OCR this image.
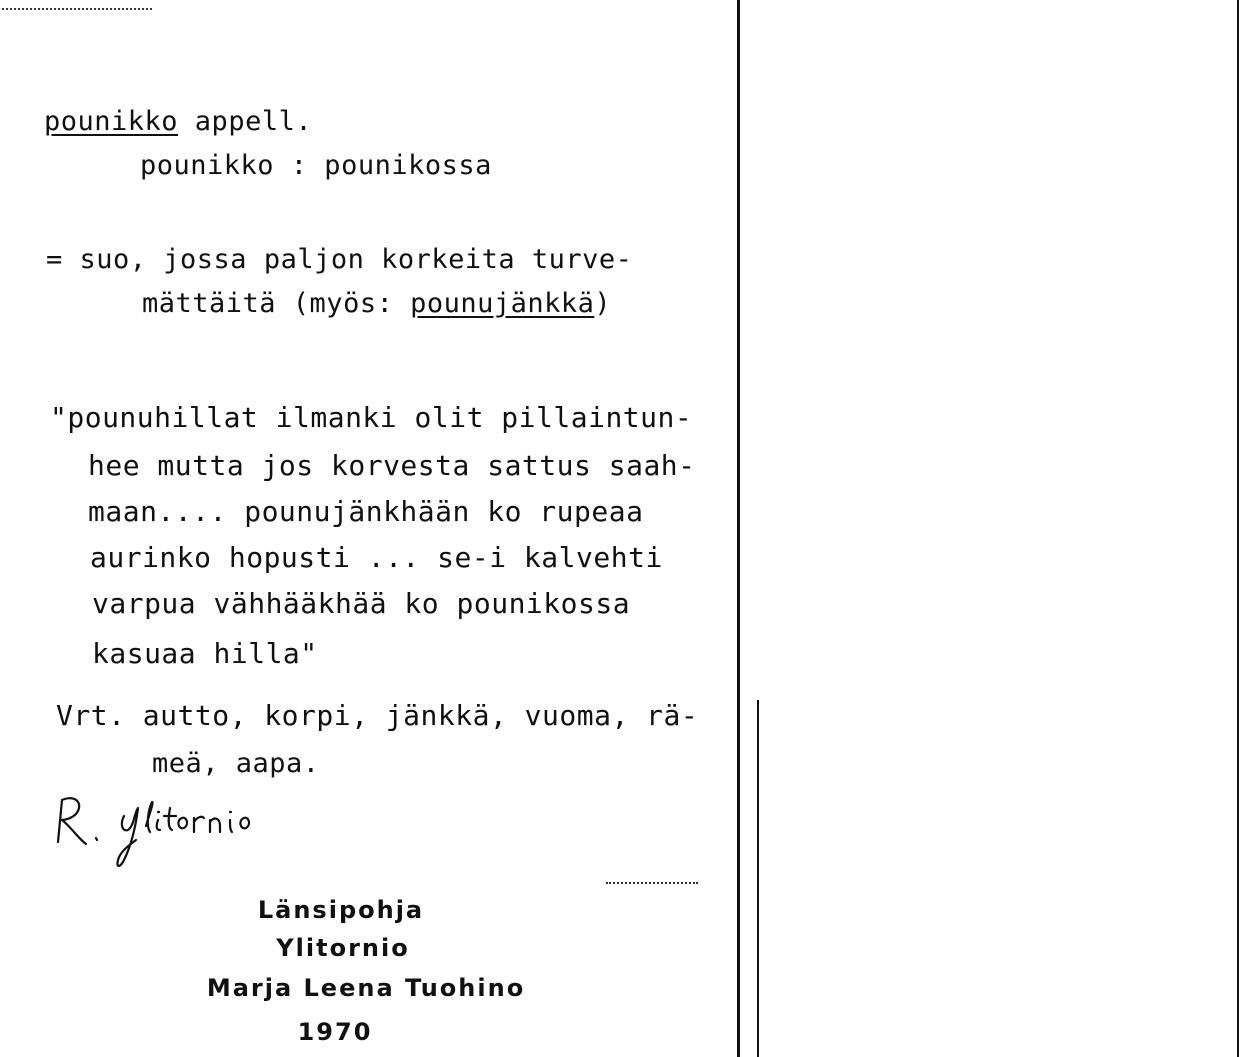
pounikko appell.
pounikko : pounikossa
= suo, jossa paljon korkeita turve-
mättäitä (myös: pounujänkkä)
"pounuhillat ilmanki olit pillaintun-
hee mutta jos korvesta sattus saah-
maan.... pounujänkhään ko rupeaa
aurinko hopusti ... se-i kalvehti
varpua vähhääkhää ko pounikossa
kasuaa hilla"
Vrt. autto, korpi, jänkkä, vuoma, rä-
meä, aapa.
Länsipohja
Ylitornio
Marja Leena Tuohino
1970
